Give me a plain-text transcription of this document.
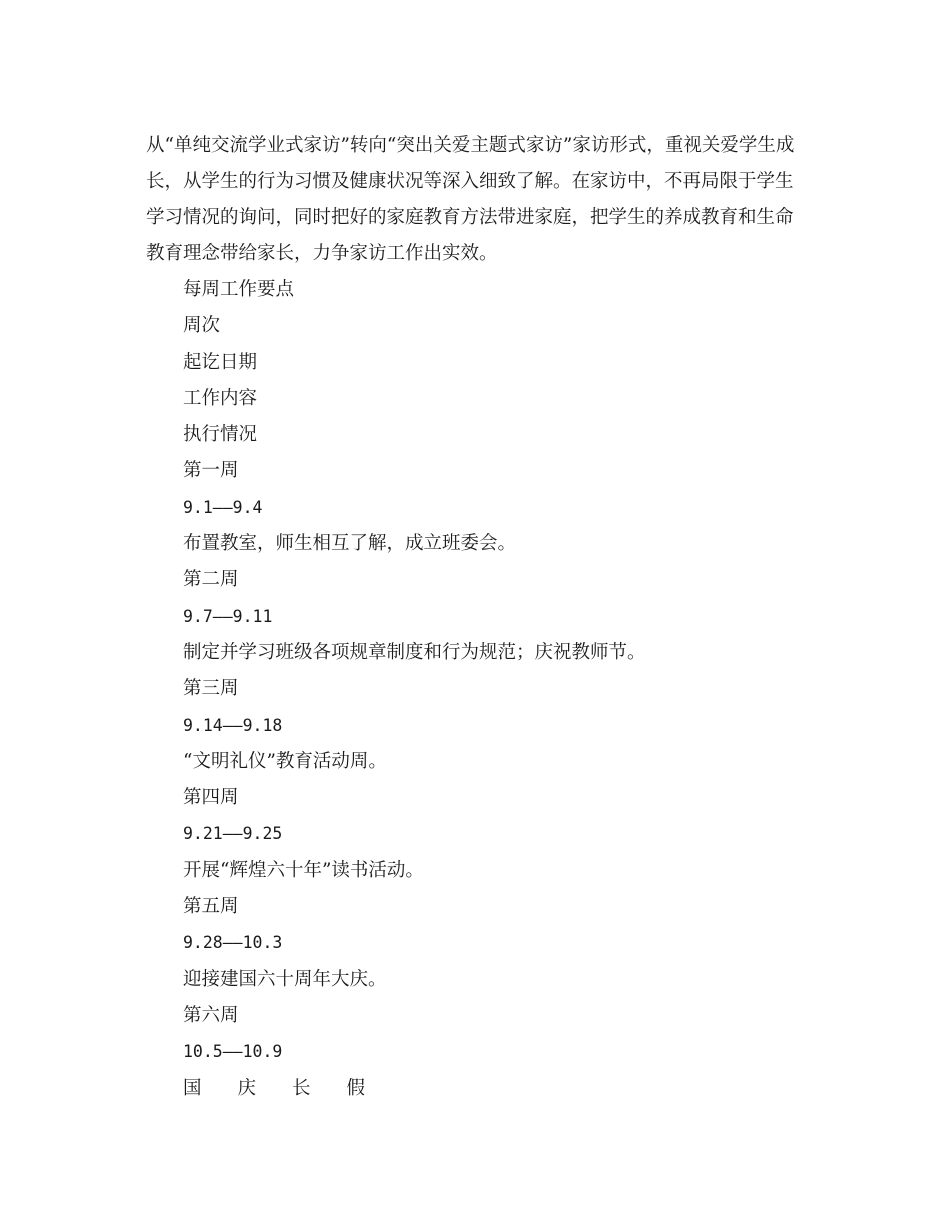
从“单纯交流学业式家访”转向“突出关爱主题式家访”家访形式，重视关爱学生成
长，从学生的行为习惯及健康状况等深入细致了解。在家访中，不再局限于学生
学习情况的询问，同时把好的家庭教育方法带进家庭，把学生的养成教育和生命
教育理念带给家长，力争家访工作出实效。

每周工作要点
周次
起讫日期
工作内容
执行情况
第一周
9.1——9.4
布置教室，师生相互了解，成立班委会。
第二周
9.7——9.11
制定并学习班级各项规章制度和行为规范；庆祝教师节。
第三周
9.14——9.18
“文明礼仪”教育活动周。
第四周
9.21——9.25
开展“辉煌六十年”读书活动。
第五周
9.28——10.3
迎接建国六十周年大庆。
第六周
10.5——10.9
国庆长假
